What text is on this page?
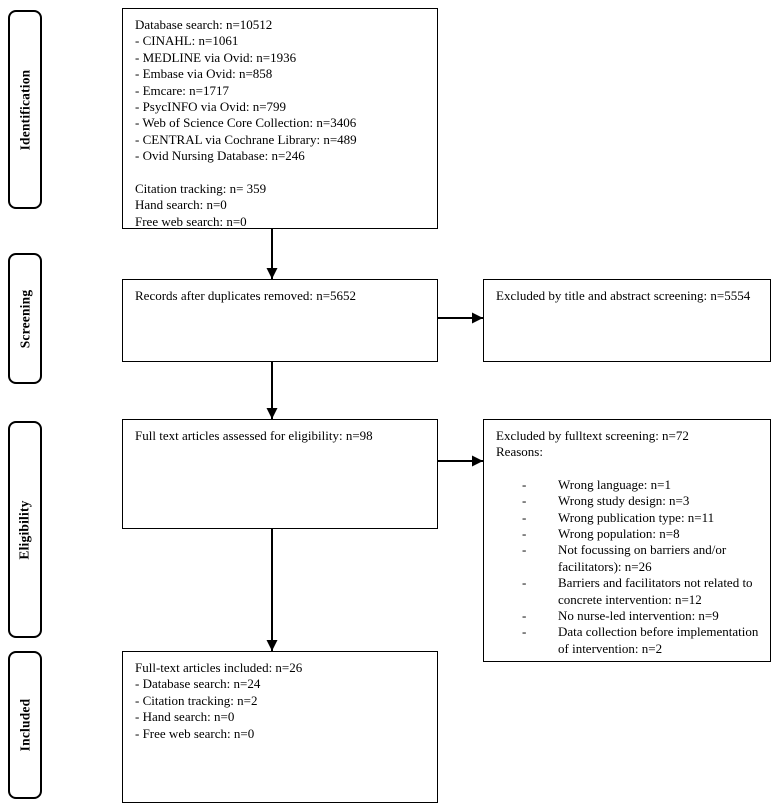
Identification
Screening
Eligibility
Included
Database search: n=10512
- CINAHL: n=1061
- MEDLINE via Ovid: n=1936
- Embase via Ovid: n=858
- Emcare: n=1717
- PsycINFO via Ovid: n=799
- Web of Science Core Collection: n=3406
- CENTRAL via Cochrane Library: n=489
- Ovid Nursing Database: n=246
Citation tracking: n= 359
Hand search: n=0
Free web search: n=0
Records after duplicates removed: n=5652
Full text articles assessed for eligibility: n=98
Full-text articles included: n=26
- Database search: n=24
- Citation tracking: n=2
- Hand search: n=0
- Free web search: n=0
Excluded by title and abstract screening: n=5554
Excluded by fulltext screening: n=72
Reasons:
-	Wrong language: n=1
-	Wrong study design: n=3
-	Wrong publication type: n=11
-	Wrong population: n=8
-	Not focussing on barriers and/or facilitators): n=26
-	Barriers and facilitators not related to concrete intervention: n=12
-	No nurse-led intervention: n=9
-	Data collection before implementation of intervention: n=2
